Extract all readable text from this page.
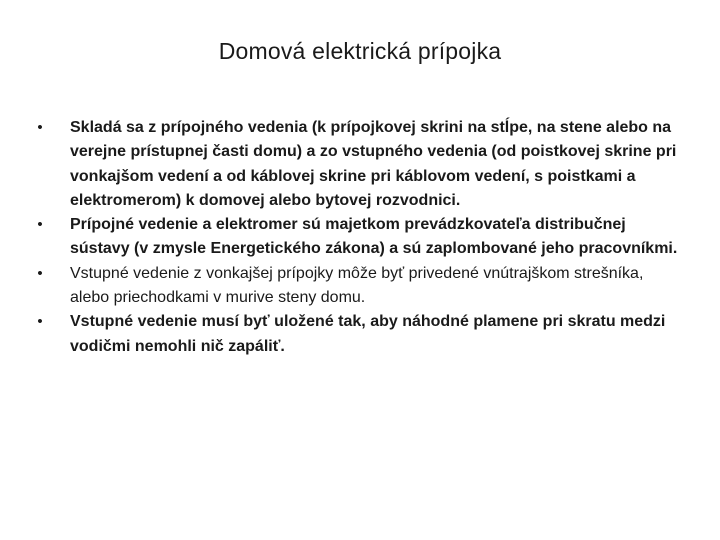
Domová elektrická prípojka
• Skladá sa z prípojného vedenia (k prípojkovej skrini na stĺpe, na stene alebo na verejne prístupnej časti domu) a zo vstupného vedenia (od poistkovej skrine pri vonkajšom vedení a od káblovej skrine pri káblovom vedení, s poistkami a elektromerom) k domovej alebo bytovej rozvodnici.
• Prípojné vedenie a elektromer sú majetkom prevádzkovateľa distribučnej sústavy (v zmysle Energetického zákona) a sú zaplombované jeho pracovníkmi.
• Vstupné vedenie z vonkajšej prípojky môže byť privedené vnútrajškom strešníka, alebo priechodkami v murive steny domu.
• Vstupné vedenie musí byť uložené tak, aby náhodné plamene pri skratu medzi vodičmi nemohli nič zapáliť.
